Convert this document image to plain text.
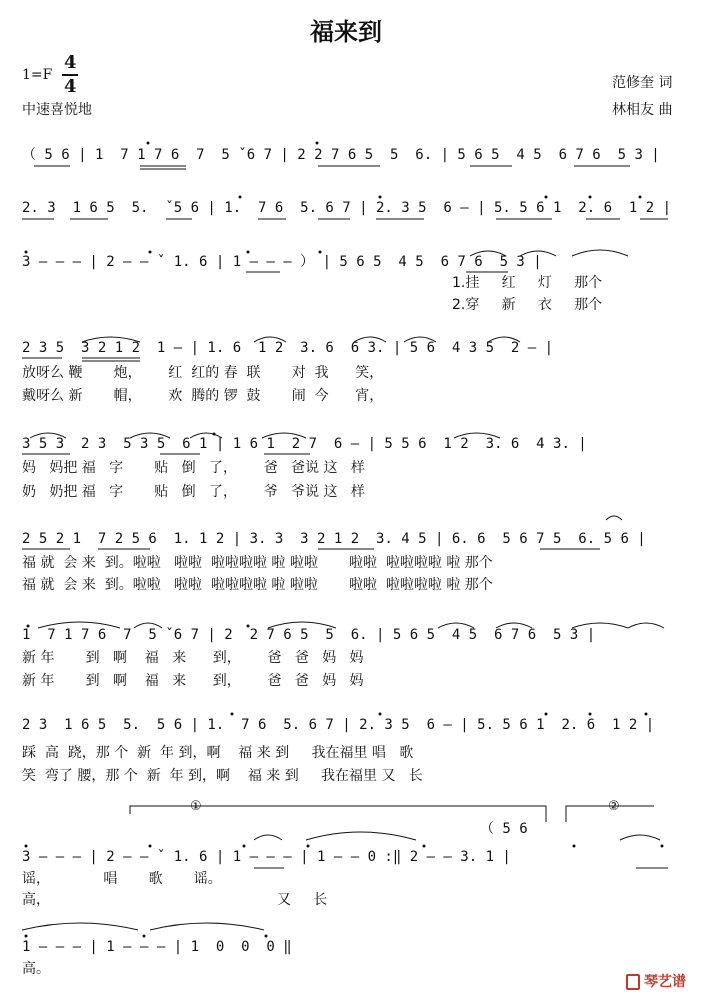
福来到
1=F
4
4
中速喜悦地
范修奎 词
林相友 曲
（ 5 6 | 1  7 1 7 6  7  5 ˇ6 7 | 2 2 7 6 5  5  6. | 5 6 5  4 5  6 7 6  5 3 |
2. 3  1 6 5  5.  ˇ5 6 | 1.  7 6  5. 6 7 | 2. 3 5  6 – | 5. 5 6 1  2. 6  1 2 |
3 – – – | 2 – – ˇ 1. 6 | 1 – – – ） | 5 6 5  4 5  6 7 6  5 3 |
1.挂     红     灯     那个
2.穿     新     衣     那个
2 3 5  3 2 1 2  1 – | 1. 6  1 2  3. 6  6 3. | 5 6  4 3 5  2 – |
放呀么 鞭       炮，      红  红的 春  联       对  我      笑，
戴呀么 新       帽，      欢  腾的 锣  鼓       闹  今      宵，
3 5 3  2 3  5 3 5  6 1 | 1 6 1  2 7  6 – | 5 5 6  1 2  3. 6  4 3. |
妈   妈把 福   字       贴   倒   了，      爸   爸说 这   样
奶   奶把 福   字       贴   倒   了，      爷   爷说 这   样
2 5 2 1  7 2 5 6  1. 1 2 | 3. 3  3 2 1 2  3. 4 5 | 6. 6  5 6 7 5  6. 5 6 |
福 就  会 来  到。啦啦   啦啦  啦啦啦啦 啦 啦啦       啦啦  啦啦啦啦 啦 那个
福 就  会 来  到。啦啦   啦啦  啦啦啦啦 啦 啦啦       啦啦  啦啦啦啦 啦 那个
1  7 1 7 6  7  5 ˇ6 7 | 2  2 7 6 5  5  6. | 5 6 5  4 5  6 7 6  5 3 |
新 年       到   啊    福   来      到，      爸   爸   妈   妈
新 年       到   啊    福   来      到，      爸   爸   妈   妈
2 3  1 6 5  5.  5 6 | 1.  7 6  5. 6 7 | 2. 3 5  6 – | 5. 5 6 1  2. 6  1 2 |
踩  高  跷，那 个  新  年 到，啊    福 来 到     我在福里 唱   歌
笑  弯了 腰，那 个  新  年 到，啊    福 来 到     我在福里 又   长
①	②
（ 5 6
3 – – – | 2 – – ˇ 1. 6 | 1 – – – | 1 – – 0 :‖ 2 – – 3. 1 |
谣，            唱       歌       谣。
高，                                                   又     长
1 – – – | 1 – – – | 1  0  0  0 ‖
高。
琴艺谱
